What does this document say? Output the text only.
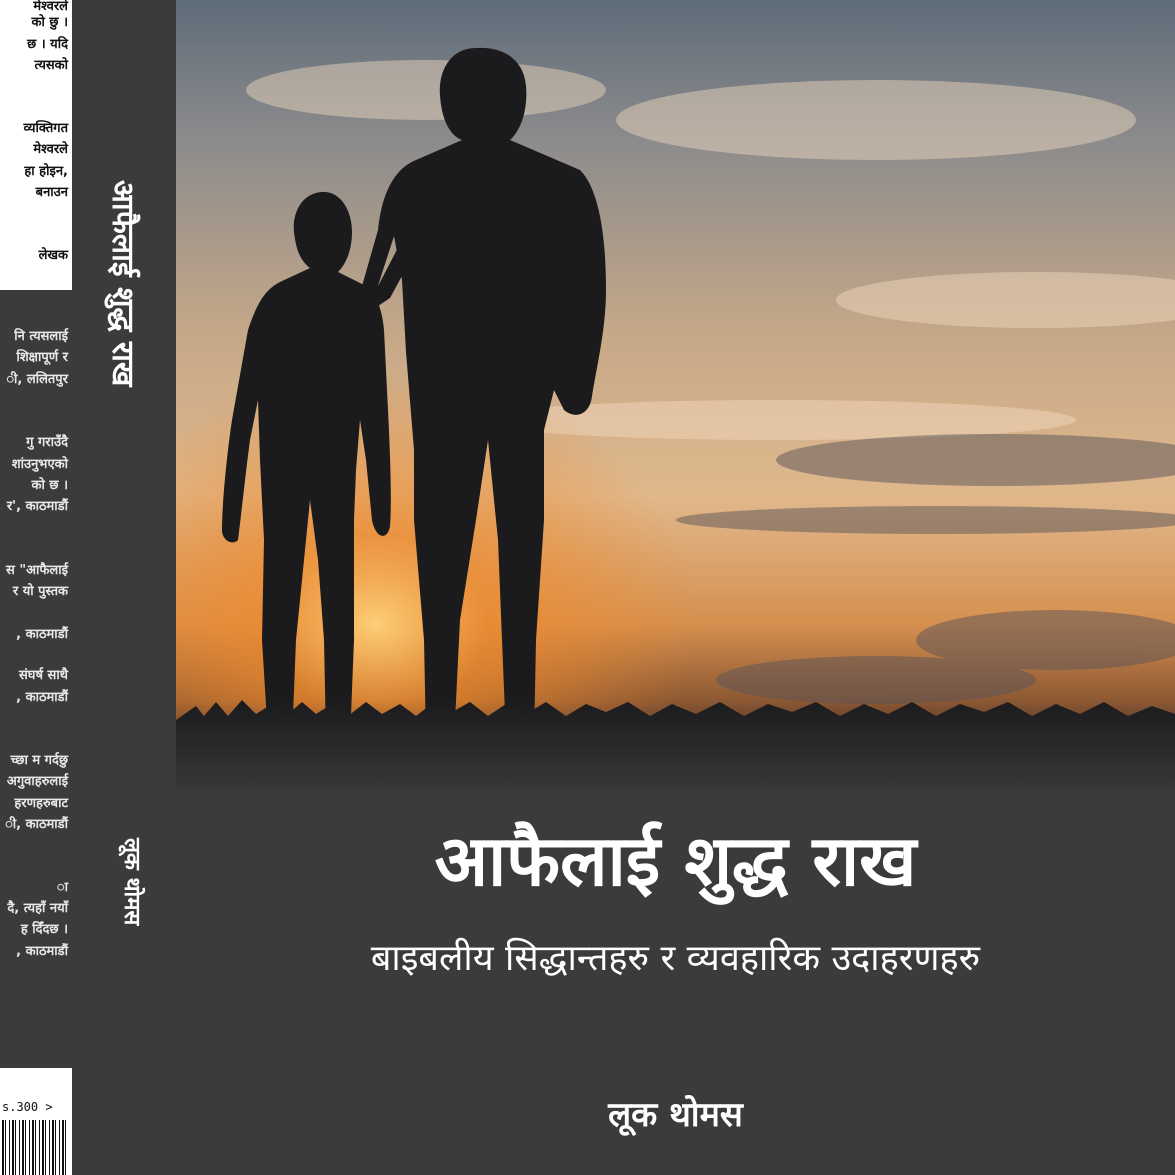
मेश्वरले

को छु ।

छ । यदि

त्यसको

व्यक्तिगत

मेश्वरले

हा होइन,

बनाउन

लेखक

नि त्यसलाई

शिक्षापूर्ण र

ी, ललितपुर

गु गराउँदै

शांउनुभएको

को छ ।

र', काठमाडौं

स "आफैलाई

र यो पुस्तक

, काठमाडौं

संघर्ष साथै

, काठमाडौं

च्छा म गर्दछु

अगुवाहरुलाई

हरणहरुबाट

ी, काठमाडौं

ा

दै, त्यहाँ नयाँ

ह दिँदछ ।

, काठमाडौं

s.300 >
आफैलाई शुद्ध राख
लूक थोमस	आफैलाई शुद्ध राख
बाइबलीय सिद्धान्तहरु र व्यवहारिक उदाहरणहरु
लूक थोमस
